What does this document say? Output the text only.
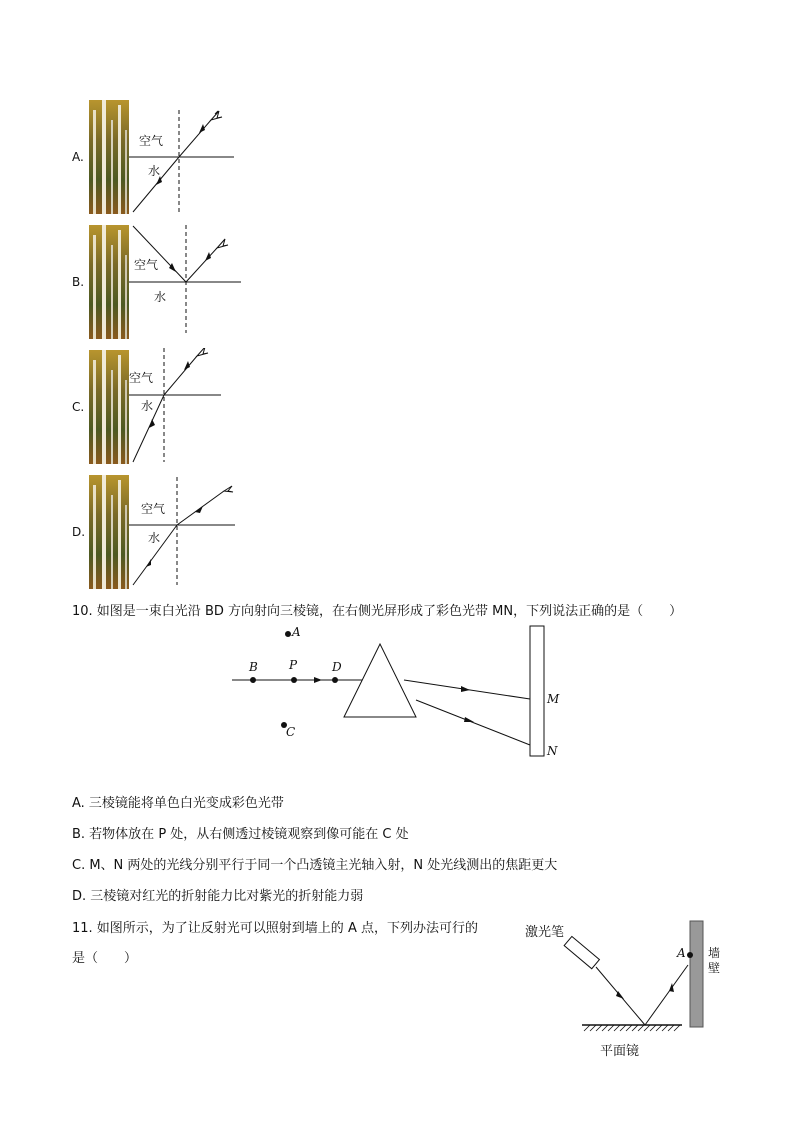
A.
空气
水
B.
空气
水
C.
空气
水
D.
空气
水
10. 如图是一束白光沿 BD 方向射向三棱镜，在右侧光屏形成了彩色光带 MN，下列说法正确的是（　　）
A
B	P	D
C
M
N
A. 三棱镜能将单色白光变成彩色光带
B. 若物体放在 P 处，从右侧透过棱镜观察到像可能在 C 处
C. M、N 两处的光线分别平行于同一个凸透镜主光轴入射，N 处光线测出的焦距更大
D. 三棱镜对红光的折射能力比对紫光的折射能力弱
11. 如图所示，为了让反射光可以照射到墙上的 A 点，下列办法可行的
是（　　）
激光笔
A 墙壁
平面镜
